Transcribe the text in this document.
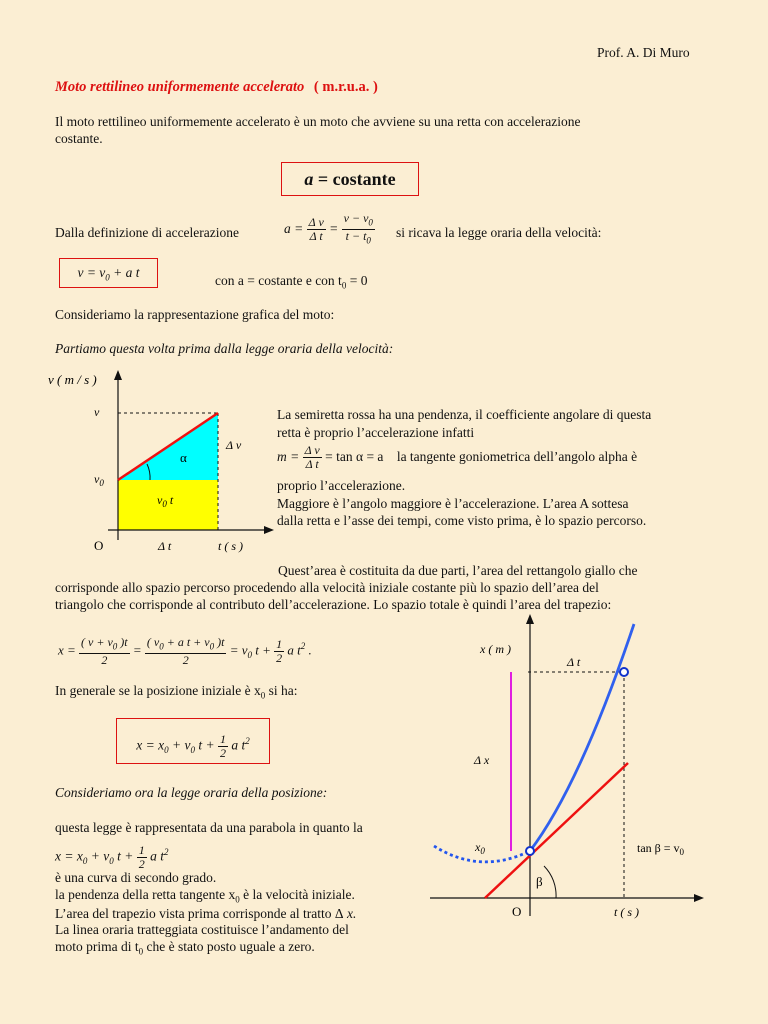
Prof. A. Di Muro
Moto rettilineo uniformemente accelerato ( m.r.u.a. )
Il moto rettilineo uniformemente accelerato è un moto che avviene su una retta con accelerazione
costante.
a = costante
Dalla definizione di accelerazione	$a = \frac{\text{Δ v}}{\text{Δ t}} = \frac{v - v_0}{t - t_0}$ si ricava la legge oraria della velocità:
$v = v_0 + a$ t
con a = costante e con $t_0 = 0$
Consideriamo la rappresentazione grafica del moto:
Partiamo questa volta prima dalla legge oraria della velocità:
v ( m / s )
v
$v_0$
α
Δ v
$v_0$ t
O	Δ t	t ( s )
La semiretta rossa ha una pendenza, il coefficiente angolare di questa
retta è proprio l’accelerazione infatti
$m = \frac{\text{Δ v}}{\text{Δ t}} = \tan \alpha = a$ la tangente goniometrica dell’angolo alpha è
proprio l’accelerazione.
Maggiore è l’angolo maggiore è l’accelerazione. L’area A sottesa
dalla retta e l’asse dei tempi, come visto prima, è lo spazio percorso.
Quest’area è costituita da due parti, l’area del rettangolo giallo che
corrisponde allo spazio percorso procedendo alla velocità iniziale costante più lo spazio dell’area del
triangolo che corrisponde al contributo dell’accelerazione. Lo spazio totale è quindi l’area del trapezio:
$x = \frac{( v + v_0 )t}{2} = \frac{( v_0 + a t + v_0 )t}{2} = v_0$ $t + \frac{1}{2}$ a $t^2$ .
In generale se la posizione iniziale è $x_0$ si ha:
$x = x_0 + v_0$ $t + \frac{1}{2}$ a $t^2$
Consideriamo ora la legge oraria della posizione:
questa legge è rappresentata da una parabola in quanto la
$x = x_0 + v_0$ $t + \frac{1}{2}$ a $t^2$
è una curva di secondo grado.
la pendenza della retta tangente $x_0$ è la velocità iniziale.
L’area del trapezio vista prima corrisponde al tratto Δ x.
La linea oraria tratteggiata costituisce l’andamento del
moto prima di $t_0$ che è stato posto uguale a zero.
x ( m )
Δ t
Δ x
$x_0$	$\tan \beta = v_0$
β
O	t ( s )
